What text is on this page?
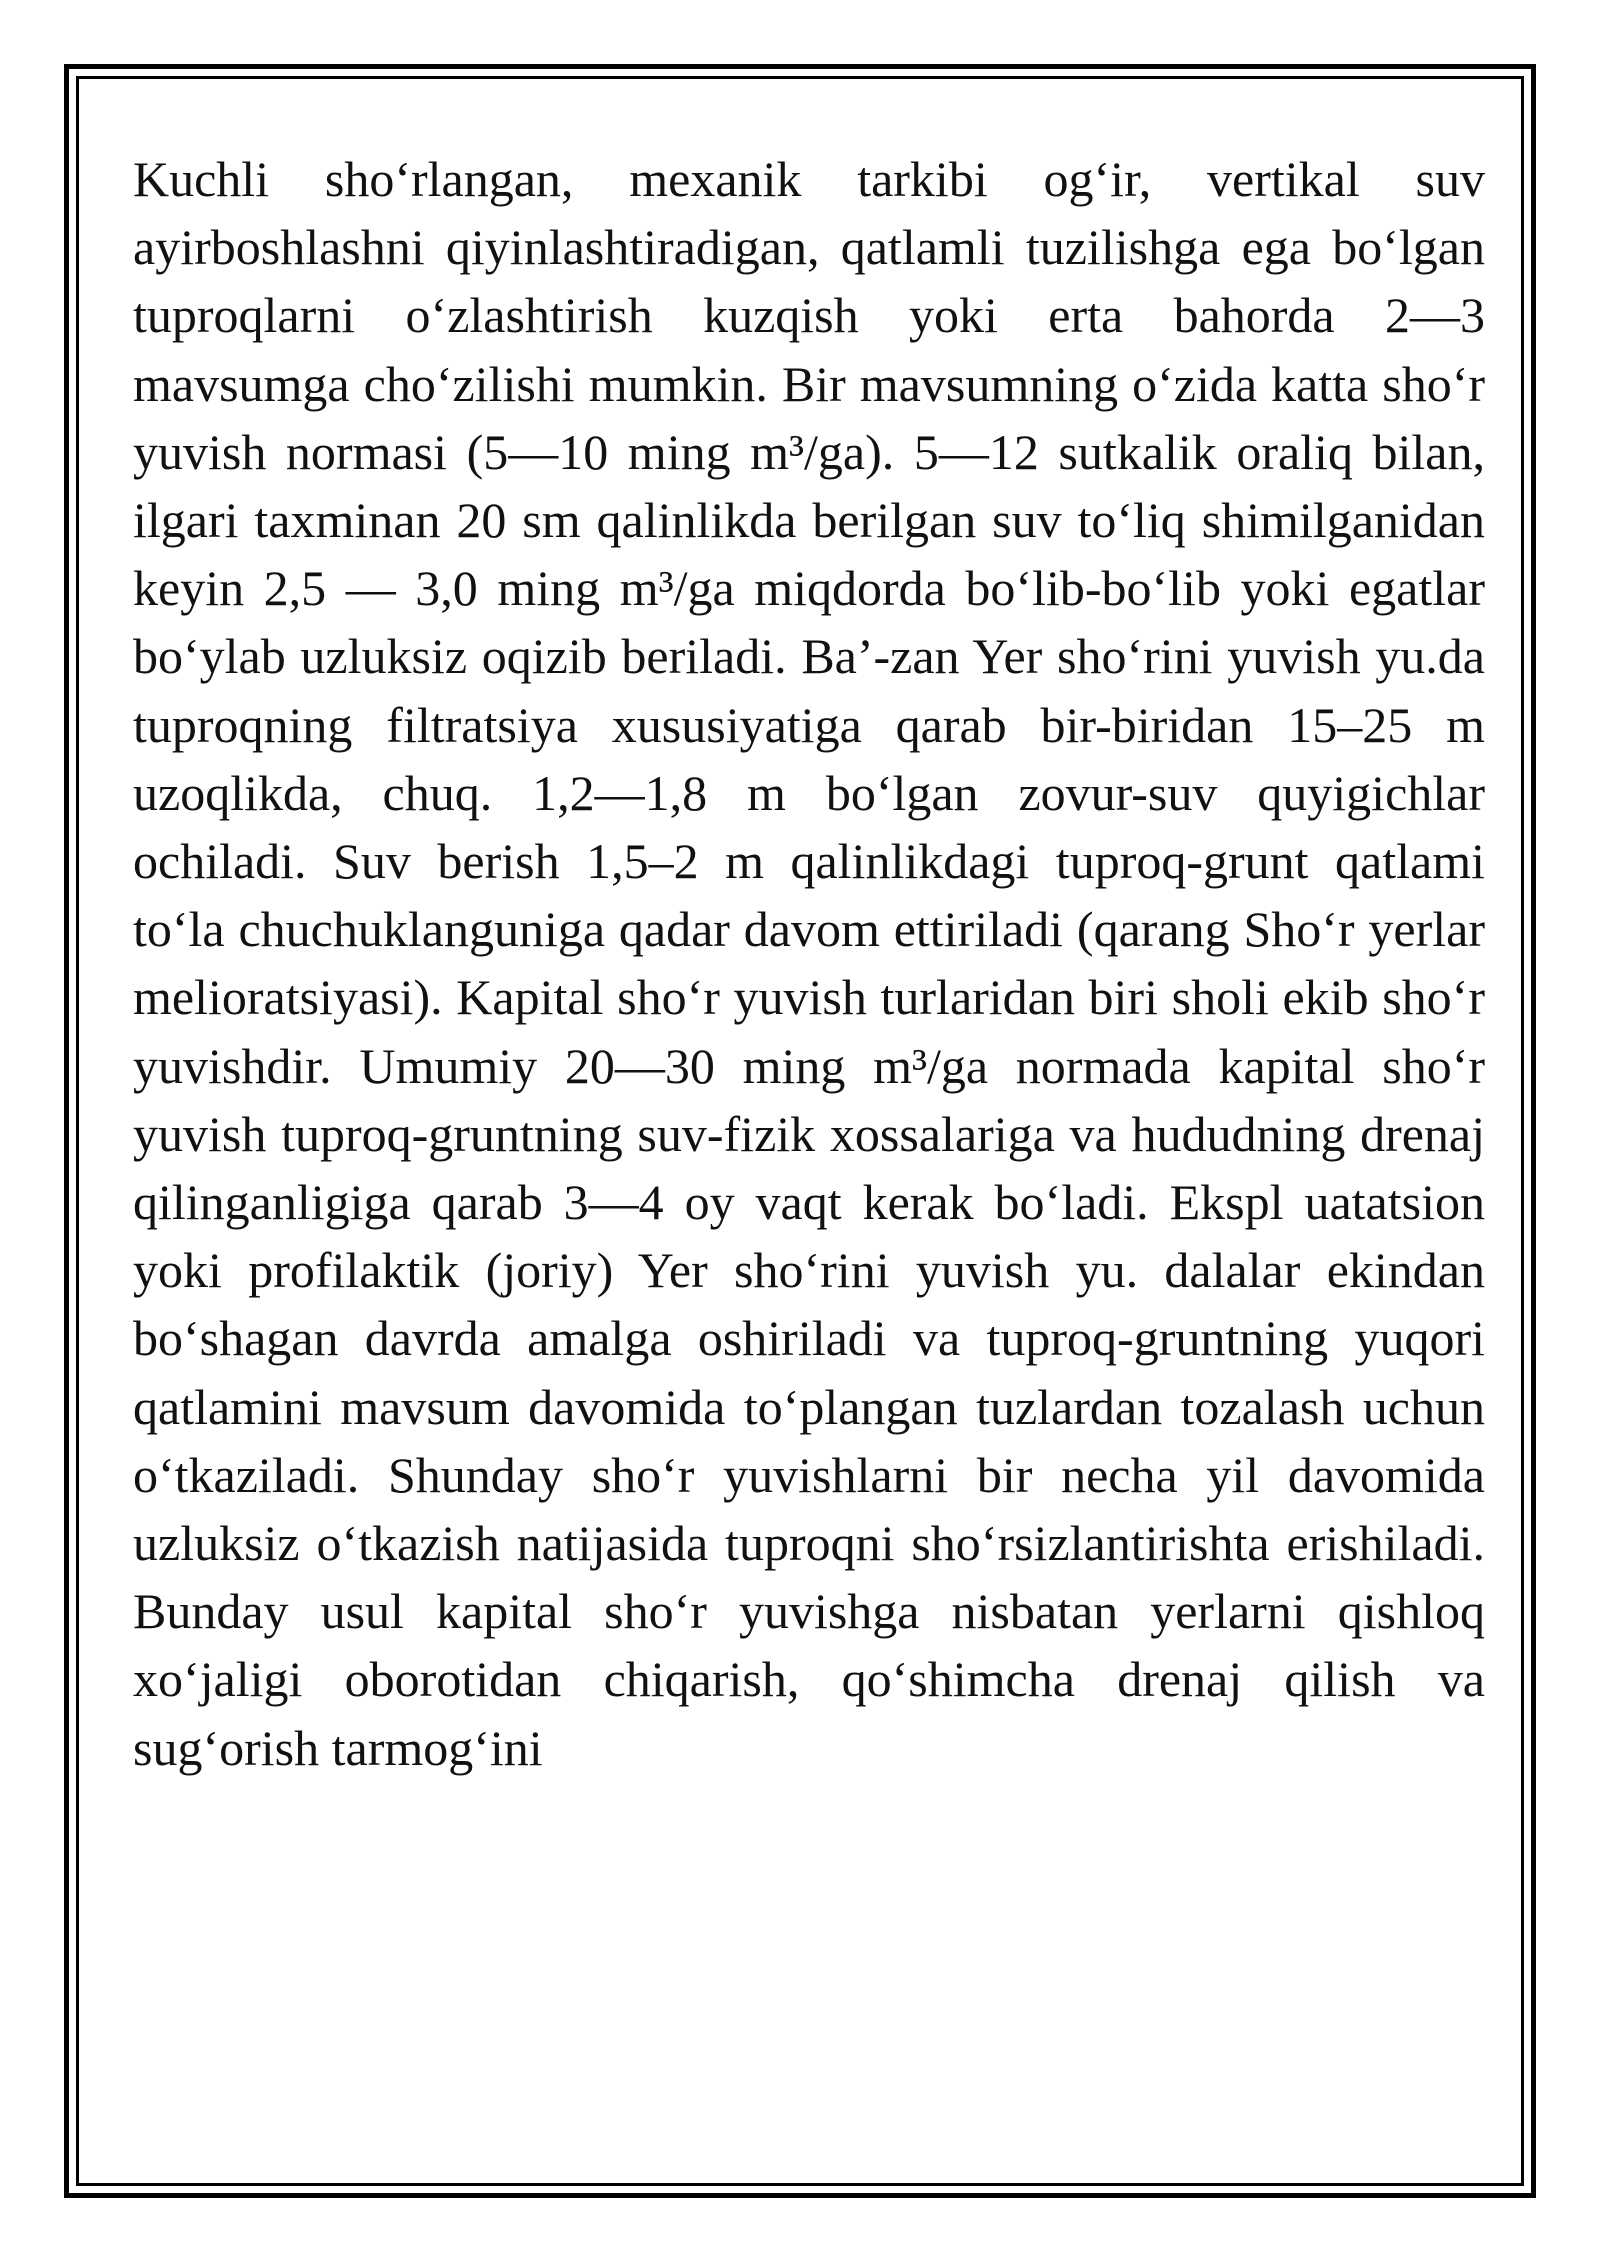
Kuchli sho‘rlangan, mexanik tarkibi og‘ir, vertikal suv ayirboshlashni qiyinlashtiradigan, qatlamli tuzilishga ega bo‘lgan tuproqlarni o‘zlashtirish kuzqish yoki erta bahorda 2—3 mavsumga cho‘zilishi mumkin. Bir mavsumning o‘zida katta sho‘r yuvish normasi (5—10 ming m³/ga). 5—12 sutkalik oraliq bilan, ilgari taxminan 20 sm qalinlikda berilgan suv to‘liq shimilganidan keyin 2,5 — 3,0 ming m³/ga miqdorda bo‘lib-bo‘lib yoki egatlar bo‘ylab uzluksiz oqizib beriladi. Ba’-zan Yer sho‘rini yuvish yu.da tuproqning filtratsiya xususiyatiga qarab bir-biridan 15–25 m uzoqlikda, chuq. 1,2—1,8 m bo‘lgan zovur-suv quyigichlar ochiladi. Suv berish 1,5–2 m qalinlikdagi tuproq-grunt qatlami to‘la chuchuklanguniga qadar davom ettiriladi (qarang Sho‘r yerlar melioratsiyasi). Kapital sho‘r yuvish turlaridan biri sholi ekib sho‘r yuvishdir. Umumiy 20—30 ming m³/ga normada kapital sho‘r yuvish tuproq-gruntning suv-fizik xossalariga va hududning drenaj qilinganligiga qarab 3—4 oy vaqt kerak bo‘ladi. Ekspl uatatsion yoki profilaktik (joriy) Yer sho‘rini yuvish yu. dalalar ekindan bo‘shagan davrda amalga oshiriladi va tuproq-gruntning yuqori qatlamini mavsum davomida to‘plangan tuzlardan tozalash uchun o‘tkaziladi. Shunday sho‘r yuvishlarni bir necha yil davomida uzluksiz o‘tkazish natijasida tuproqni sho‘rsizlantirishta erishiladi. Bunday usul kapital sho‘r yuvishga nisbatan yerlarni qishloq xo‘jaligi oborotidan chiqarish, qo‘shimcha drenaj qilish va sug‘orish tarmog‘ini
